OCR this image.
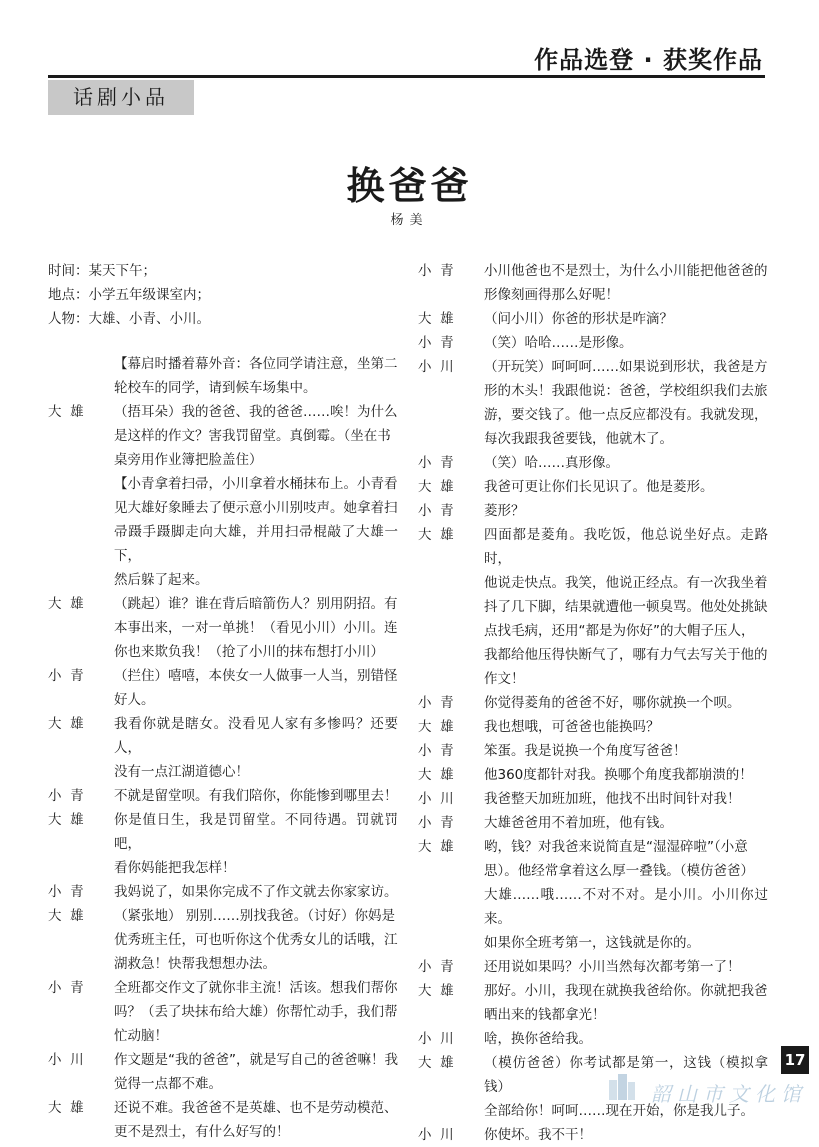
作品选登 · 获奖作品
话剧小品
换爸爸
杨美
时间：某天下午；
地点：小学五年级课室内；
人物：大雄、小青、小川。
【幕启时播着幕外音：各位同学请注意，坐第二
轮校车的同学，请到候车场集中。
大  雄	（捂耳朵）我的爸爸、我的爸爸……唉！为什么
是这样的作文？害我罚留堂。真倒霉。（坐在书
桌旁用作业簿把脸盖住）
【小青拿着扫帚，小川拿着水桶抹布上。小青看
见大雄好象睡去了便示意小川别吱声。她拿着扫
帚蹑手蹑脚走向大雄，并用扫帚棍敲了大雄一下，
然后躲了起来。
大  雄	（跳起）谁？谁在背后暗箭伤人？别用阴招。有
本事出来，一对一单挑！（看见小川）小川。连
你也来欺负我！（抢了小川的抹布想打小川）
小  青	（拦住）嘻嘻，本侠女一人做事一人当，别错怪
好人。
大  雄	我看你就是瞎女。没看见人家有多惨吗？还要人，
没有一点江湖道德心！
小  青	不就是留堂呗。有我们陪你，你能惨到哪里去！
大  雄	你是值日生，我是罚留堂。不同待遇。罚就罚吧，
看你妈能把我怎样！
小  青	我妈说了，如果你完成不了作文就去你家家访。
大  雄	（紧张地） 别别……别找我爸。（讨好）你妈是
优秀班主任，可也听你这个优秀女儿的话哦，江
湖救急！快帮我想想办法。
小  青	全班都交作文了就你非主流！活该。想我们帮你
吗？（丢了块抹布给大雄）你帮忙动手，我们帮
忙动脑！
小  川	作文题是“我的爸爸”，就是写自己的爸爸嘛！我
觉得一点都不难。
大  雄	还说不难。我爸爸不是英雄、也不是劳动模范、
更不是烈士，有什么好写的！
小  青	小川他爸也不是烈士，为什么小川能把他爸爸的
形像刻画得那么好呢！
大  雄	（问小川）你爸的形状是咋滴？
小  青	（笑）哈哈……是形像。
小  川	（开玩笑）呵呵呵……如果说到形状，我爸是方
形的木头！我跟他说：爸爸，学校组织我们去旅
游，要交钱了。他一点反应都没有。我就发现，
每次我跟我爸要钱，他就木了。
小  青	（笑）哈……真形像。
大  雄	我爸可更让你们长见识了。他是菱形。
小  青	菱形？
大  雄	四面都是菱角。我吃饭，他总说坐好点。走路时，
他说走快点。我笑，他说正经点。有一次我坐着
抖了几下脚，结果就遭他一顿臭骂。他处处挑缺
点找毛病，还用“都是为你好”的大帽子压人，
我都给他压得快断气了，哪有力气去写关于他的
作文！
小  青	你觉得菱角的爸爸不好，哪你就换一个呗。
大  雄	我也想哦，可爸爸也能换吗？
小  青	笨蛋。我是说换一个角度写爸爸！
大  雄	他360度都针对我。换哪个角度我都崩溃的！
小  川	我爸整天加班加班，他找不出时间针对我！
小  青	大雄爸爸用不着加班，他有钱。
大  雄	哟，钱？对我爸来说简直是“湿湿碎啦”（小意
思）。他经常拿着这么厚一叠钱。（模仿爸爸）
大雄……哦……不对不对。是小川。小川你过来。
如果你全班考第一，这钱就是你的。
小  青	还用说如果吗？小川当然每次都考第一了！
大  雄	那好。小川，我现在就换我爸给你。你就把我爸
晒出来的钱都拿光！
小  川	啥，换你爸给我。
大  雄	（模仿爸爸）你考试都是第一，这钱（模拟拿钱）
全部给你！呵呵……现在开始，你是我儿子。
小  川	你使坏。我不干！
17
韶山市文化馆
